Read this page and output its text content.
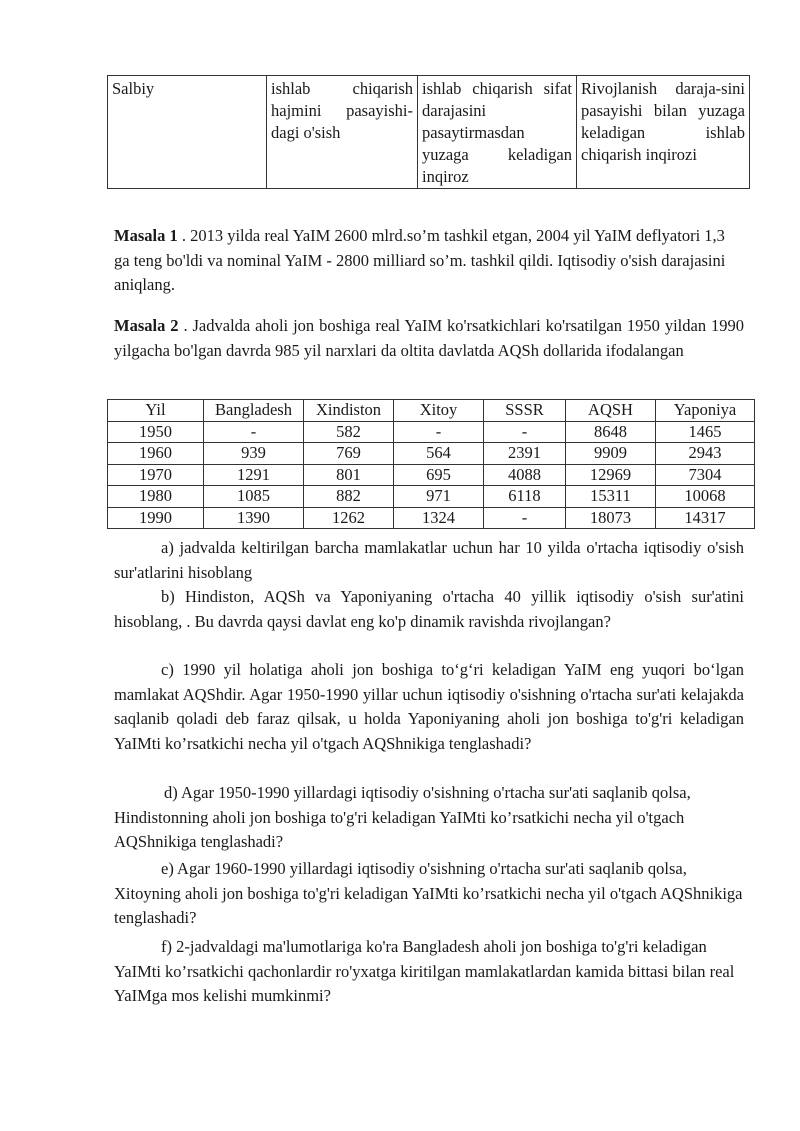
Salbiy	ishlab chiqarish hajmini pasayishi-dagi o'sish	ishlab chiqarish sifat darajasini pasaytirmasdan yuzaga keladigan inqiroz	Rivojlanish daraja-sini pasayishi bilan yuzaga keladigan ishlab chiqarish inqirozi

Masala 1 . 2013 yilda real YaIM 2600 mlrd.so’m tashkil etgan, 2004 yil YaIM deflyatori 1,3 ga teng bo'ldi va nominal YaIM - 2800 milliard so’m. tashkil qildi. Iqtisodiy o'sish darajasini aniqlang.

Masala 2 . Jadvalda aholi jon boshiga real YaIM ko'rsatkichlari ko'rsatilgan 1950 yildan 1990 yilgacha bo'lgan davrda 985 yil narxlari da oltita davlatda AQSh dollarida ifodalangan

Yil	Bangladesh	Xindiston	Xitoy	SSSR	AQSH	Yaponiya
1950	-	582	-	-	8648	1465
1960	939	769	564	2391	9909	2943
1970	1291	801	695	4088	12969	7304
1980	1085	882	971	6118	15311	10068
1990	1390	1262	1324	-	18073	14317

a) jadvalda keltirilgan barcha mamlakatlar uchun har 10 yilda o'rtacha iqtisodiy o'sish sur'atlarini hisoblang

b) Hindiston, AQSh va Yaponiyaning o'rtacha 40 yillik iqtisodiy o'sish sur'atini hisoblang, . Bu davrda qaysi davlat eng ko'p dinamik ravishda rivojlangan?

c) 1990 yil holatiga aholi jon boshiga to‘g‘ri keladigan YaIM eng yuqori bo‘lgan mamlakat AQShdir. Agar 1950-1990 yillar uchun iqtisodiy o'sishning o'rtacha sur'ati kelajakda saqlanib qoladi deb faraz qilsak, u holda Yaponiyaning aholi jon boshiga to'g'ri keladigan YaIMti ko’rsatkichi necha yil o'tgach AQShnikiga tenglashadi?

d) Agar 1950-1990 yillardagi iqtisodiy o'sishning o'rtacha sur'ati saqlanib qolsa, Hindistonning aholi jon boshiga to'g'ri keladigan YaIMti ko’rsatkichi necha yil o'tgach AQShnikiga tenglashadi?

e) Agar 1960-1990 yillardagi iqtisodiy o'sishning o'rtacha sur'ati saqlanib qolsa, Xitoyning aholi jon boshiga to'g'ri keladigan YaIMti ko’rsatkichi necha yil o'tgach AQShnikiga tenglashadi?

f) 2-jadvaldagi ma'lumotlariga ko'ra Bangladesh aholi jon boshiga to'g'ri keladigan YaIMti ko’rsatkichi qachonlardir ro'yxatga kiritilgan mamlakatlardan kamida bittasi bilan real YaIMga mos kelishi mumkinmi?
